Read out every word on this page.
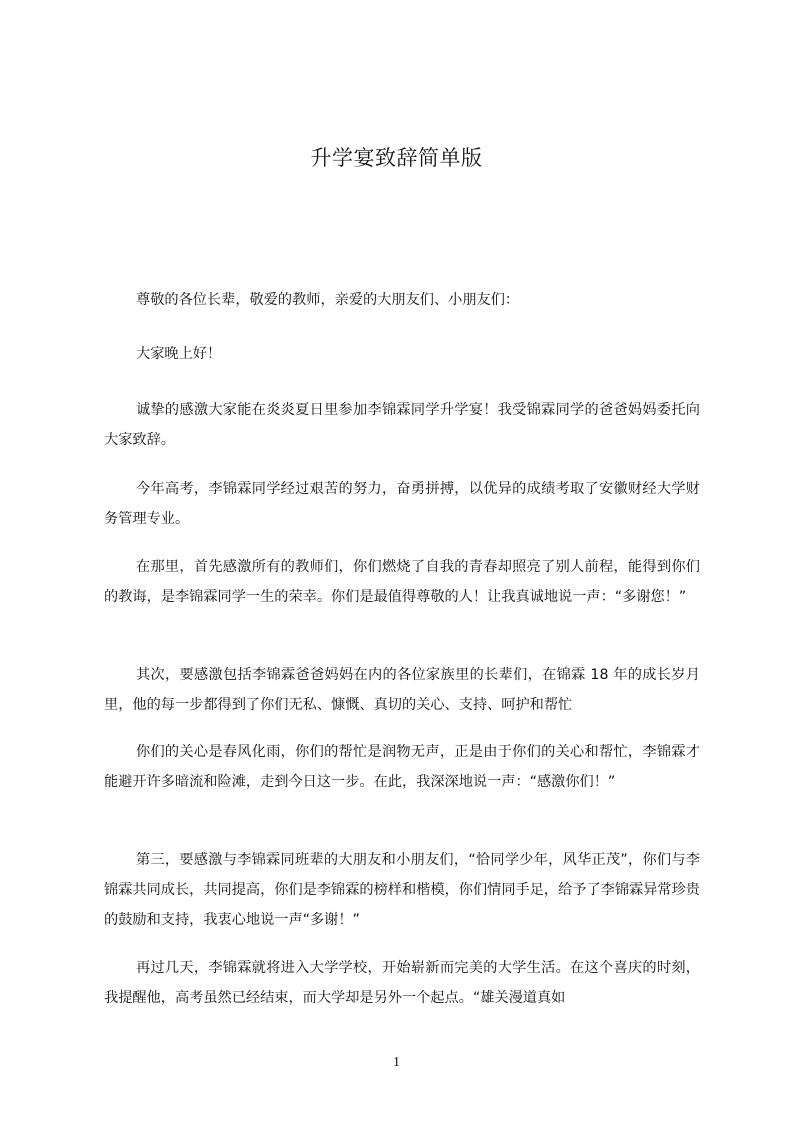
升学宴致辞简单版

尊敬的各位长辈，敬爱的教师，亲爱的大朋友们、小朋友们：

大家晚上好！

诚挚的感激大家能在炎炎夏日里参加李锦霖同学升学宴！我受锦霖同学的爸爸妈妈委托向大家致辞。

今年高考，李锦霖同学经过艰苦的努力，奋勇拼搏，以优异的成绩考取了安徽财经大学财务管理专业。

在那里，首先感激所有的教师们，你们燃烧了自我的青春却照亮了别人前程，能得到你们的教诲，是李锦霖同学一生的荣幸。你们是最值得尊敬的人！让我真诚地说一声：“多谢您！”

其次，要感激包括李锦霖爸爸妈妈在内的各位家族里的长辈们，在锦霖 18 年的成长岁月里，他的每一步都得到了你们无私、慷慨、真切的关心、支持、呵护和帮忙

你们的关心是春风化雨，你们的帮忙是润物无声，正是由于你们的关心和帮忙，李锦霖才能避开许多暗流和险滩，走到今日这一步。在此，我深深地说一声：“感激你们！”

第三，要感激与李锦霖同班辈的大朋友和小朋友们，“恰同学少年，风华正茂”，你们与李锦霖共同成长，共同提高，你们是李锦霖的榜样和楷模，你们情同手足，给予了李锦霖异常珍贵的鼓励和支持，我衷心地说一声“多谢！”

再过几天，李锦霖就将进入大学学校，开始崭新而完美的大学生活。在这个喜庆的时刻，我提醒他，高考虽然已经结束，而大学却是另外一个起点。“雄关漫道真如

1
